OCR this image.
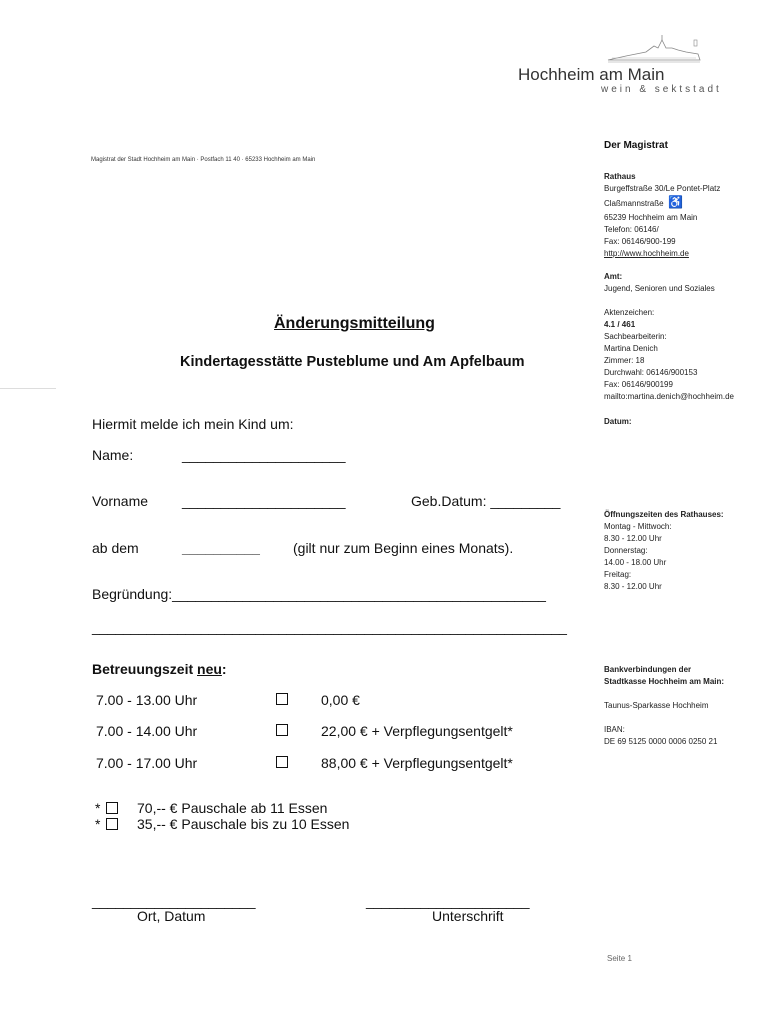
Hochheim am Main
wein & sektstadt
Magistrat der Stadt Hochheim am Main · Postfach 11 40 · 65233 Hochheim am Main
Der Magistrat
Rathaus
Burgeffstraße 30/Le Pontet-Platz
Claßmannstraße ♿
65239 Hochheim am Main
Telefon: 06146/
Fax: 06146/900-199
http://www.hochheim.de
Amt:
Jugend, Senioren und Soziales
Aktenzeichen:
4.1 / 461
Sachbearbeiterin:
Martina Denich
Zimmer: 18
Durchwahl: 06146/900153
Fax: 06146/900199
mailto:martina.denich@hochheim.de
Datum:
Öffnungszeiten des Rathauses:
Montag - Mittwoch:
8.30 - 12.00 Uhr
Donnerstag:
14.00 - 18.00 Uhr
Freitag:
8.30 - 12.00 Uhr
Bankverbindungen der
Stadtkasse Hochheim am Main:
Taunus-Sparkasse Hochheim
IBAN:
DE 69 5125 0000 0006 0250 21
Seite 1
Änderungsmitteilung
Kindertagesstätte Pusteblume und Am Apfelbaum
Hiermit melde ich mein Kind um:
Name:	_____________________
Vorname _____________________	Geb.Datum: _________
ab dem	__________ (gilt nur zum Beginn eines Monats).
Begründung:________________________________________________
_____________________________________________________________
Betreuungszeit neu:
7.00 - 13.00 Uhr	0,00 €
7.00 - 14.00 Uhr	22,00 € + Verpflegungsentgelt*
7.00 - 17.00 Uhr	88,00 € + Verpflegungsentgelt*
*	70,-- € Pauschale ab 11 Essen
*	35,-- € Pauschale bis zu 10 Essen
_____________________
Ort, Datum
_____________________
Unterschrift
